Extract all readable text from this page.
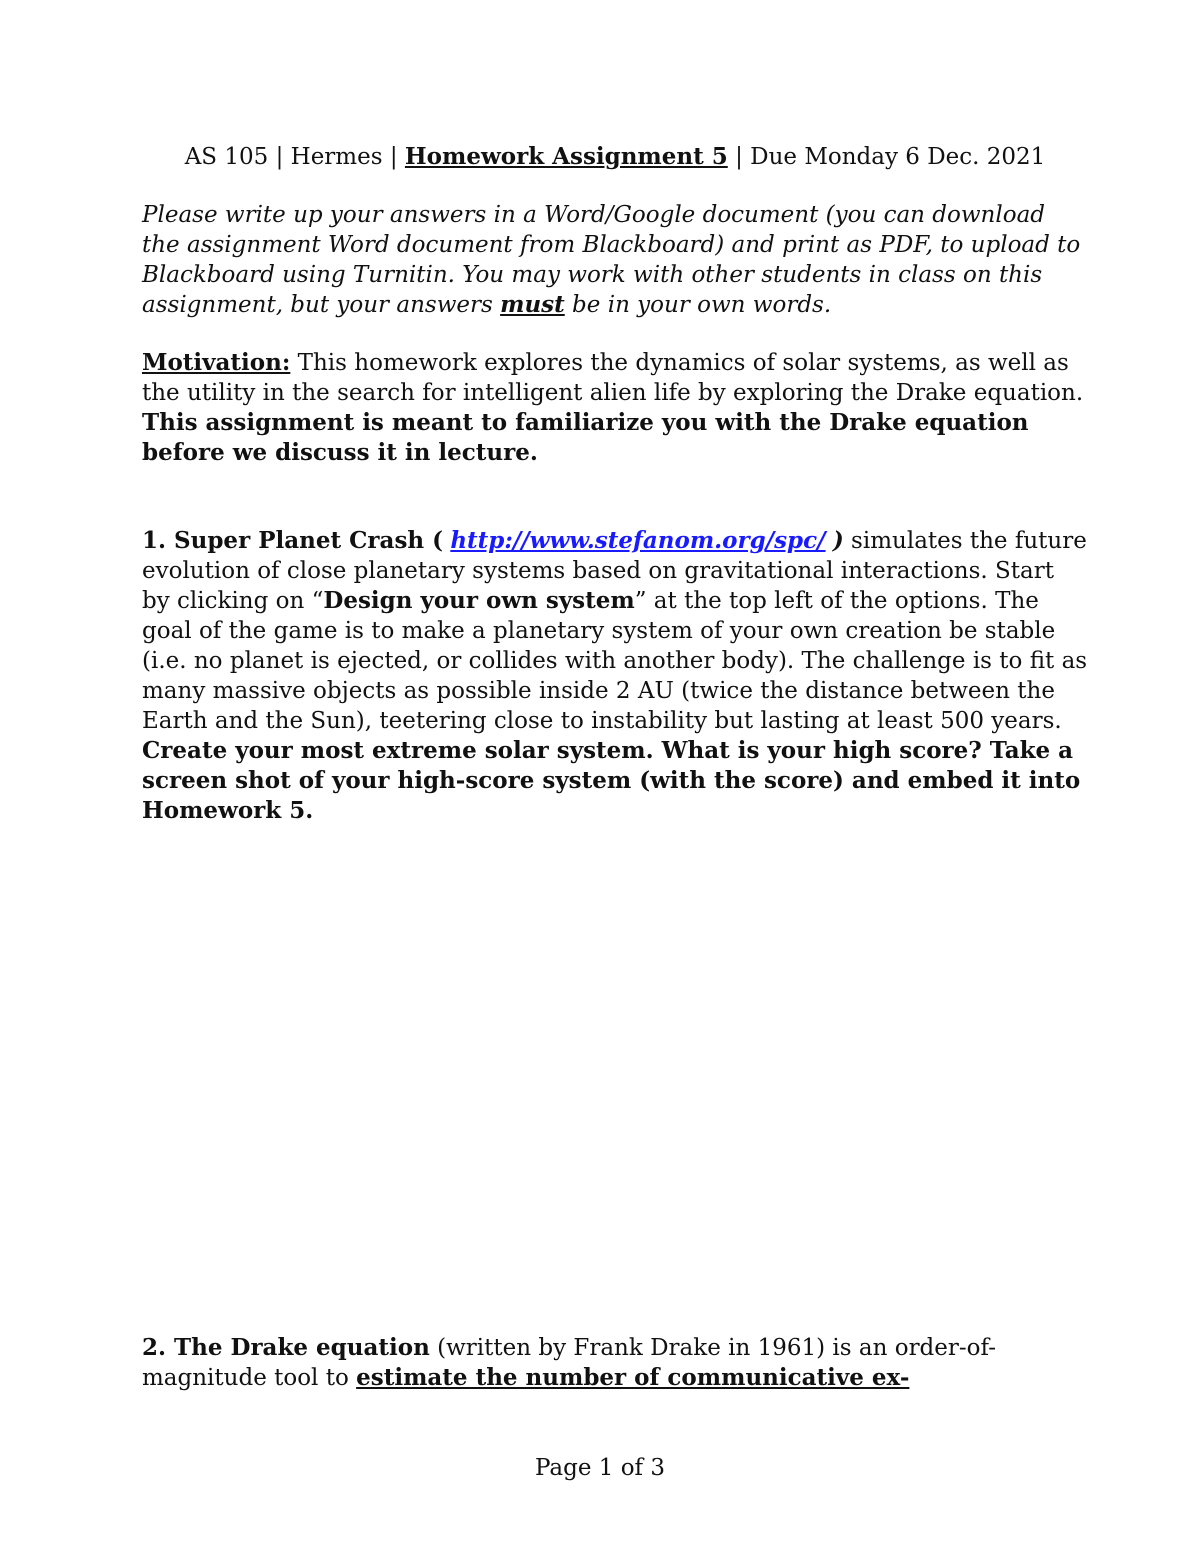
AS 105 | Hermes | Homework Assignment 5 | Due Monday 6 Dec. 2021

Please write up your answers in a Word/Google document (you can download the assignment Word document from Blackboard) and print as PDF, to upload to Blackboard using Turnitin. You may work with other students in class on this assignment, but your answers must be in your own words.

Motivation: This homework explores the dynamics of solar systems, as well as the utility in the search for intelligent alien life by exploring the Drake equation. This assignment is meant to familiarize you with the Drake equation before we discuss it in lecture.

1. Super Planet Crash ( http://www.stefanom.org/spc/ ) simulates the future evolution of close planetary systems based on gravitational interactions. Start by clicking on “Design your own system” at the top left of the options. The goal of the game is to make a planetary system of your own creation be stable (i.e. no planet is ejected, or collides with another body). The challenge is to fit as many massive objects as possible inside 2 AU (twice the distance between the Earth and the Sun), teetering close to instability but lasting at least 500 years. Create your most extreme solar system. What is your high score? Take a screen shot of your high-score system (with the score) and embed it into Homework 5.

2. The Drake equation (written by Frank Drake in 1961) is an order-of-magnitude tool to estimate the number of communicative ex-

Page 1 of 3
